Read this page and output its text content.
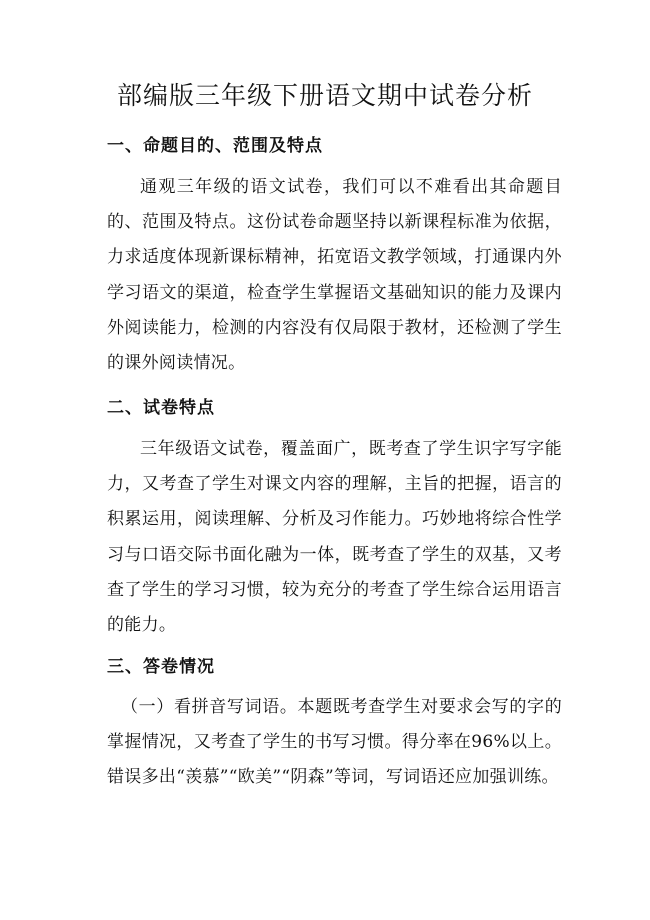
部编版三年级下册语文期中试卷分析
一、命题目的、范围及特点
通观三年级的语文试卷，我们可以不难看出其命题目的、范围及特点。这份试卷命题坚持以新课程标准为依据，力求适度体现新课标精神，拓宽语文教学领域，打通课内外学习语文的渠道，检查学生掌握语文基础知识的能力及课内外阅读能力，检测的内容没有仅局限于教材，还检测了学生的课外阅读情况。
二、试卷特点
三年级语文试卷，覆盖面广，既考查了学生识字写字能力，又考查了学生对课文内容的理解，主旨的把握，语言的积累运用，阅读理解、分析及习作能力。巧妙地将综合性学习与口语交际书面化融为一体，既考查了学生的双基，又考查了学生的学习习惯，较为充分的考查了学生综合运用语言的能力。
三、答卷情况
（一）看拼音写词语。本题既考查学生对要求会写的字的掌握情况，又考查了学生的书写习惯。得分率在96%以上。错误多出“羡慕”“欧美”“阴森”等词，写词语还应加强训练。
